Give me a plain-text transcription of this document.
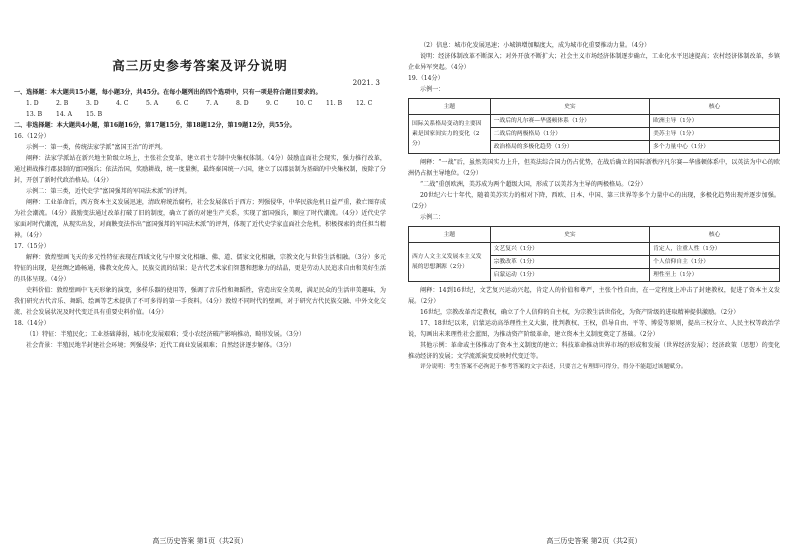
高三历史参考答案及评分说明
2021. 3

一、选择题：本大题共15小题，每小题3分，共45分。在每小题列出的四个选项中，只有一项是符合题目要求的。

1. D	2. B	3. D	4. C	5. A	6. C	7. A	8. D	9. C	10. C	11. B	12. C
13. B	14. A	15. B

二、非选择题：本大题共4小题，第16题16分，第17题15分，第18题12分，第19题12分，共55分。

16.（12分）

示例一：第一类，传统法家学派“富国王治”的评判。

阐释：法家学派站在新兴地主阶级立场上，主张社会变革，建立君主专制中央集权体制。（4分）鼓励直面社会现实，强力推行改革，通过耕战推行郡县制的富国强兵；依法治国，奖励耕战，统一度量衡，最终秦国统一六国，建立了以郡县制为基础的中央集权制，废除了分封，开创了新时代政治格局。（4分）

示例二：第三类，近代史学“富国强邦的军国法术派”的评判。

阐释：工业革命后，西方资本主义发展迅速，清政府统治腐朽，社会发展落后于西方；列强侵华，中华民族危机日益严重，救亡图存成为社会潮流。（4分）鼓励变法通过改革打破了旧的制度，确立了新的对建生产关系，实现了富国强兵，顺应了时代潮流。（4分）近代史学家面对时代潮流，从现实出发，对商鞅变法作出“富国强邦的军国法术派”的评判，体现了近代史学家直面社会危机，积极探索的责任担当精神。（4分）

17.（15分）

解释：敦煌壁画飞天的多元性特征表现在西域文化与中原文化相融、佛、道、儒家文化相融，宗教文化与世俗生活相融。（3分）多元特征的出现，是丝绸之路畅通，佛教文化传入，民族交流的结果；是古代艺术家们智慧和想象力的结晶，更是劳动人民追求自由和美好生活的具体呈现。（4分）

史料价值：敦煌壁画中飞天形象的演变，多样乐器的使用等，强调了音乐性和舞蹈性，营造出安全美观，满足民众的生活审美趣味，为我们研究古代音乐、舞蹈、绘画等艺术提供了不可多得的第一手资料。（4分）敦煌不同时代的壁画，对于研究古代民族交融、中外文化交流、社会发展状况及时代变迁具有重要史料价值。（4分）

18.（14分）

（1）特征：半殖民化；工业基础薄弱，城市化发展艰难；受小农经济破产影响推动，畸形发展。（3分）

社会背景：半殖民地半封建社会环境；列强侵华；近代工商业发展艰难；自然经济逐步解体。（3分）

高三历史答案 第1页（共2页）

（2）信息：城市化发展迅速；小城镇增加幅度大，成为城市化重要推动力量。（4分）

说明：经济体制改革不断深入；对外开放不断扩大；社会主义市场经济体制逐步确立，工业化水平迅速提高；农村经济体制改革，乡镇企业异军突起。（4分）

19.（14分）

示例一：

主题	史实	核心
国际关系格局变动的主要因素是国家间实力的变化（2分）	一战后的凡尔赛—华盛顿体系（1分）	欧洲主导（1分）
	二战后的两极格局（1分）	美苏主导（1分）
	政治格局的多极化趋势（1分）	多个力量中心（1分）

阐释：“一战”后，虽然美国实力上升，但英法综合国力仍占优势，在战后确立的国际新秩序凡尔赛—华盛顿体系中，以英法为中心的欧洲仍占据主导地位。（2分）

“二战”重创欧洲，美苏成为两个超级大国，形成了以美苏为主导的两极格局。（2分）

20世纪六七十年代，随着美苏实力的相对下降，西欧、日本、中国、第三世界等多个力量中心的出现，多极化趋势出现并逐步加强。（2分）

示例二：

主题	史实	核心
西方人文主义发展本主义发展的思想渊源（2分）	文艺复兴（1分）	肯定人，注重人性（1分）
	宗教改革（1分）	个人信仰自主（1分）
	启蒙运动（1分）	理性至上（1分）

阐释：14到16世纪，文艺复兴运动兴起，肯定人的价值和尊严，主张个性自由，在一定程度上冲击了封建教权，促进了资本主义发展。（2分）

16世纪，宗教改革否定教权，确立了个人信仰的自主权，为宗教生活世俗化，为资产阶级的进取精神提供激励。（2分）

17、18世纪以来，启蒙运动高举理性主义大旗，批判教权、王权，倡导自由、平等、博爱等原则，提出三权分立、人民主权等政治学说，勾画出未来理性社会蓝图，为推动资产阶级革命，建立资本主义制度奠定了基础。（2分）

其他示例：革命或主体推动了资本主义制度的建立；科技革命推动世界市场的形成和发展（世界经济发展）；经济政策（思想）的变化推动经济的发展；文学流派演变反映时代变迁等。

评分说明：考生答案不必拘泥于参考答案的文字表述，只要言之有理即可得分，得分不能超过该题赋分。

高三历史答案 第2页（共2页）
